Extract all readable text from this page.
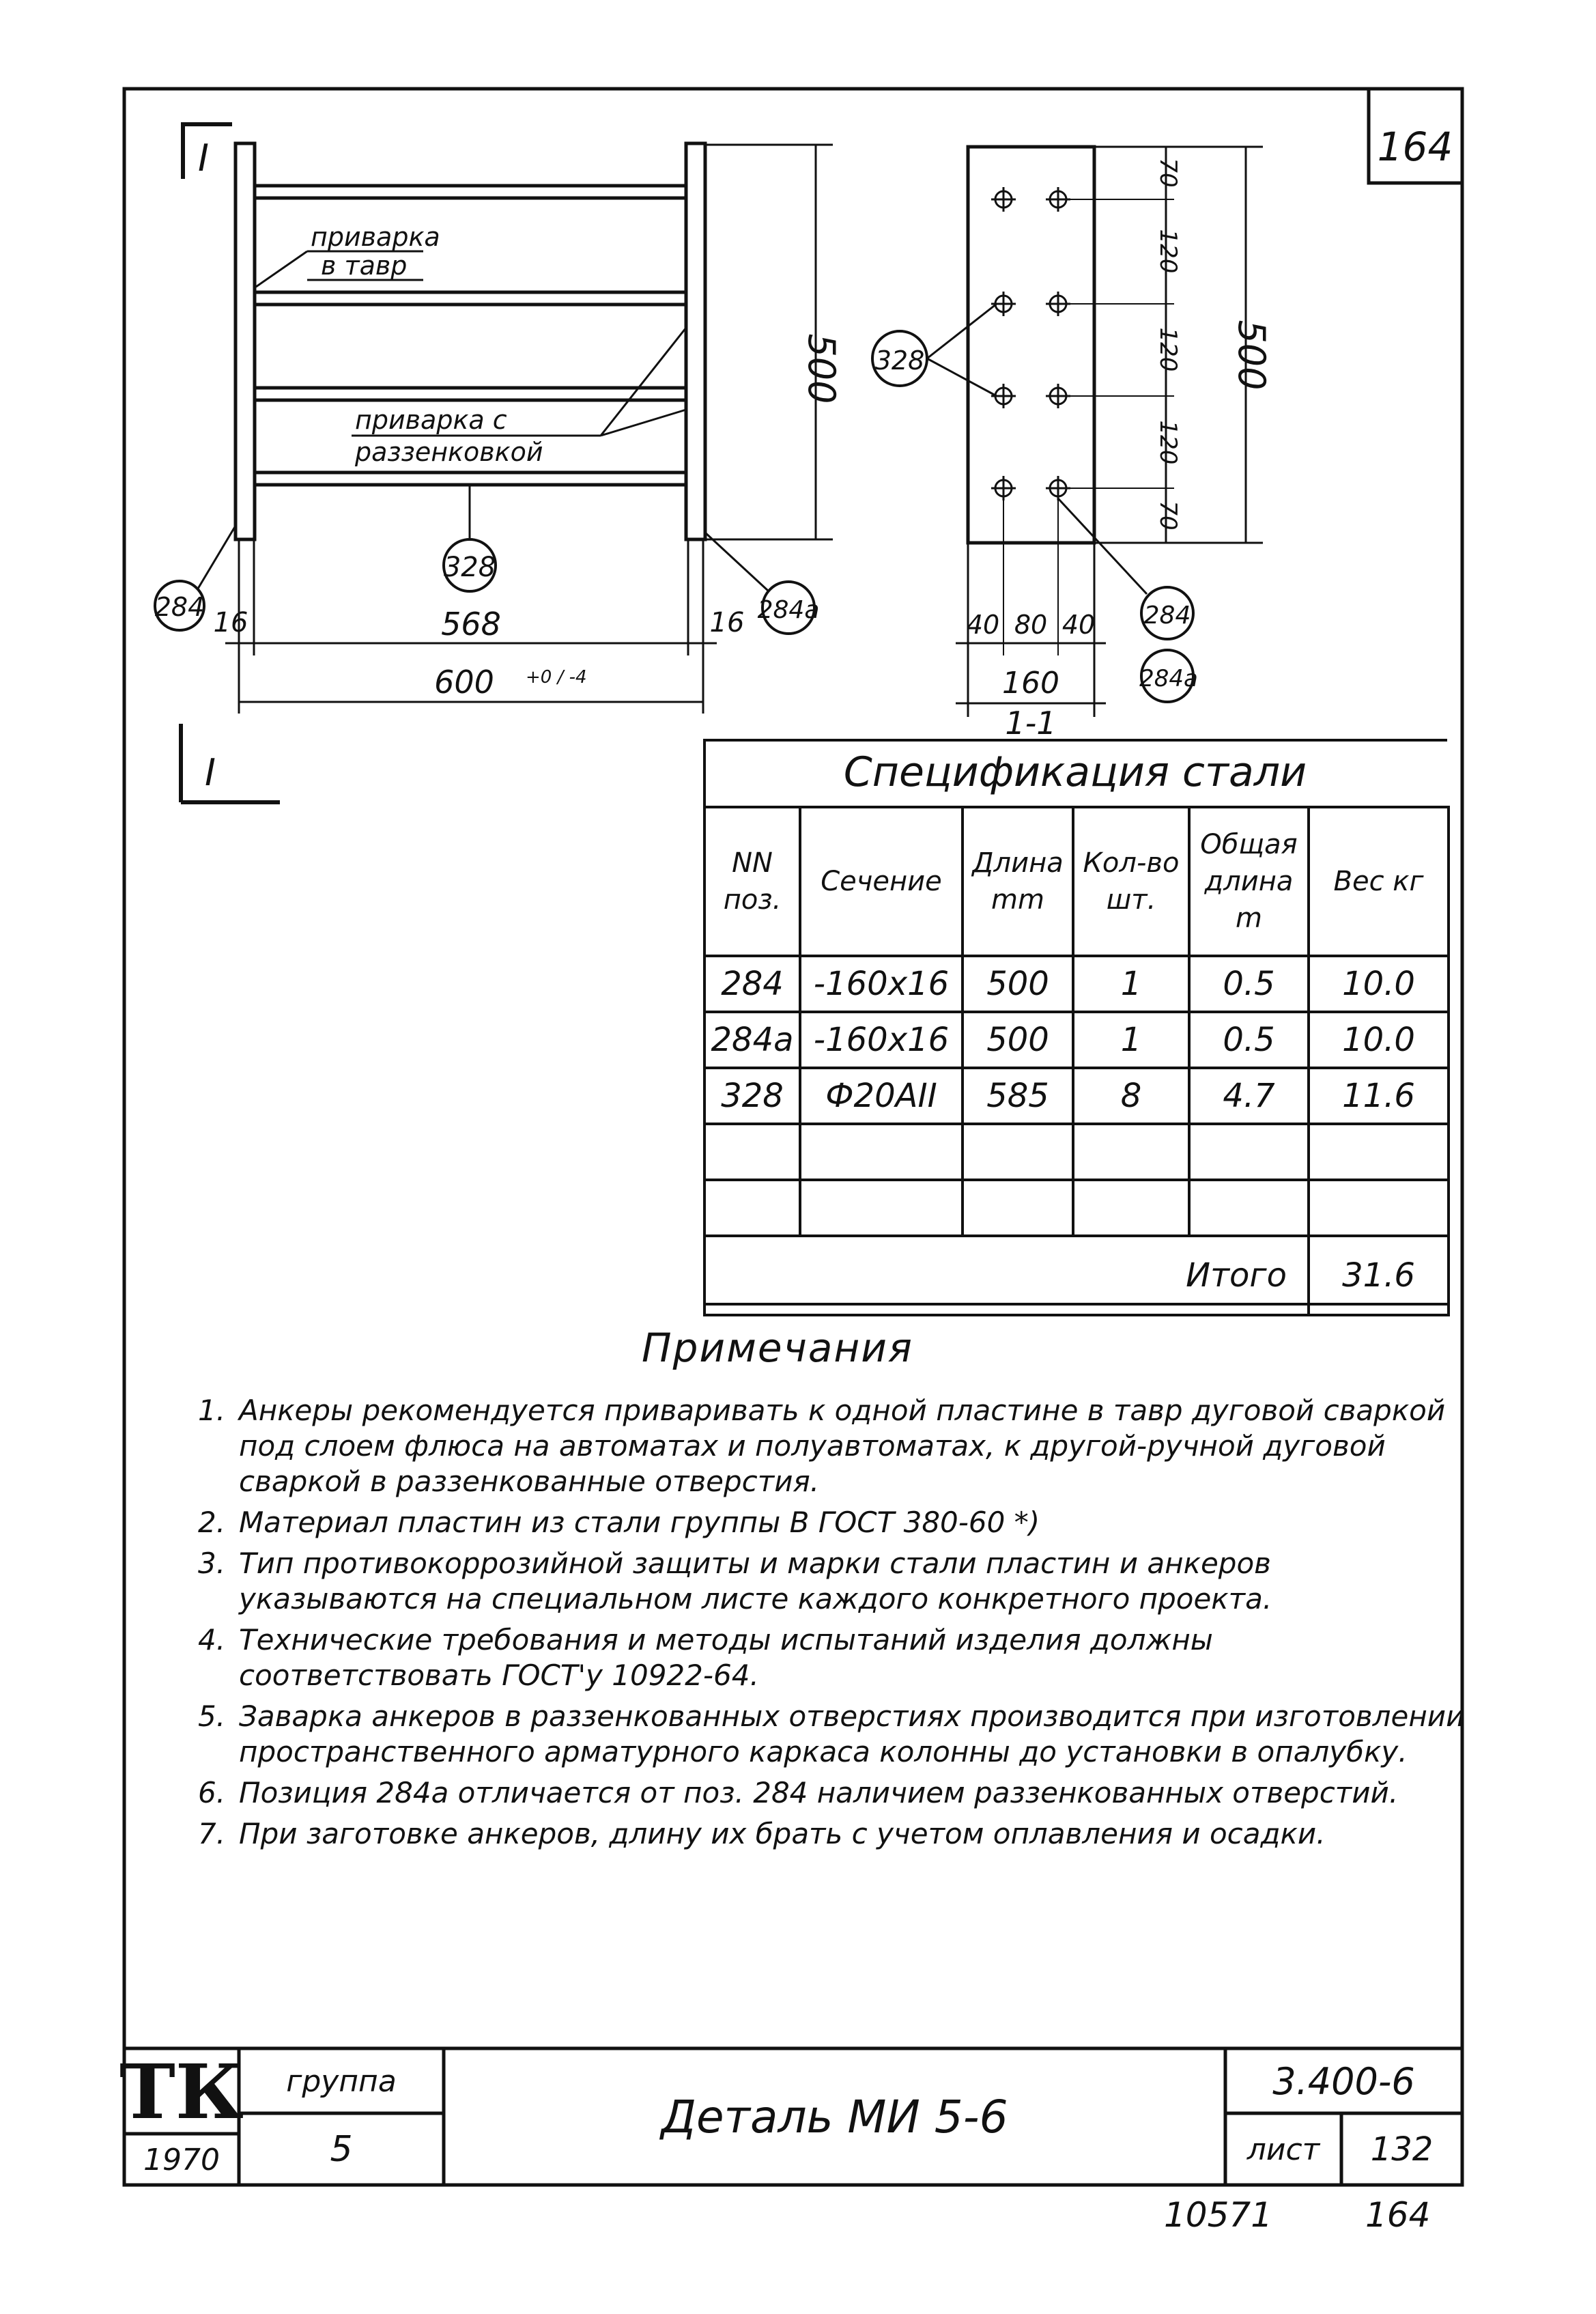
164
I
I
приварка
в тавр
приварка с
раззенковкой
500
328
284	284a
16	16
568
600 +0 / -4
70
120
120
120
70
500
328
40 80 40
160
1-1
284
284a
Спецификация стали
NN поз.	Сечение	Длина mm	Кол-во шт.	Общая длина m	Вес кг
284	-160x16	500	1	0.5	10.0
284a	-160x16	500	1	0.5	10.0
328	Ф20АII	585	8	4.7	11.6

Итого					31.6
Примечания
1. Анкеры рекомендуется приваривать к одной пластине в тавр дуговой сваркой под слоем флюса на автоматах и полуавтоматах, к другой-ручной дуговой сваркой в раззенкованные отверстия.
2. Материал пластин из стали группы В ГОСТ 380-60 *)
3. Тип противокоррозийной защиты и марки стали пластин и анкеров указываются на специальном листе каждого конкретного проекта.
4. Технические требования и методы испытаний изделия должны соответствовать ГОСТ'у 10922-64.
5. Заварка анкеров в раззенкованных отверстиях производится при изготовлении пространственного арматурного каркаса колонны до установки в опалубку.
6. Позиция 284а отличается от поз. 284 наличием раззенкованных отверстий.
7. При заготовке анкеров, длину их брать с учетом оплавления и осадки.
ТК
1970
группа
5
Деталь МИ 5-6
3.400-6
лист	132
10571	164
